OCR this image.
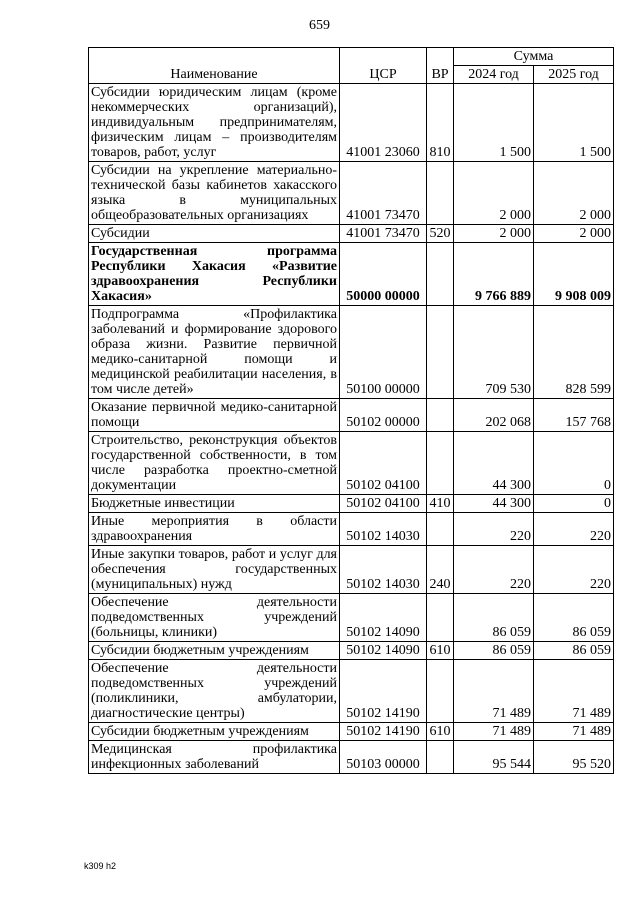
659
Наименование	ЦСР	ВР	Сумма	
			2024 год	2025 год
Субсидии юридическим лицам (кроме некоммерческих организаций), индивидуальным предпринимателям, физическим лицам – производителям товаров, работ, услуг	41001 23060	810	1 500	1 500
Субсидии на укрепление материально-технической базы кабинетов хакасского языка в муниципальных общеобразовательных организациях	41001 73470		2 000	2 000
Субсидии	41001 73470	520	2 000	2 000
Государственная программа Республики Хакасия «Развитие здравоохранения Республики Хакасия»	50000 00000		9 766 889	9 908 009
Подпрограмма «Профилактика заболеваний и формирование здорового образа жизни. Развитие первичной медико-санитарной помощи и медицинской реабилитации населения, в том числе детей»	50100 00000		709 530	828 599
Оказание первичной медико-санитарной помощи	50102 00000		202 068	157 768
Строительство, реконструкция объектов государственной собственности, в том числе разработка проектно-сметной документации	50102 04100		44 300	0
Бюджетные инвестиции	50102 04100	410	44 300	0
Иные мероприятия в области здравоохранения	50102 14030		220	220
Иные закупки товаров, работ и услуг для обеспечения государственных (муниципальных) нужд	50102 14030	240	220	220
Обеспечение деятельности подведомственных учреждений (больницы, клиники)	50102 14090		86 059	86 059
Субсидии бюджетным учреждениям	50102 14090	610	86 059	86 059
Обеспечение деятельности подведомственных учреждений (поликлиники, амбулатории, диагностические центры)	50102 14190		71 489	71 489
Субсидии бюджетным учреждениям	50102 14190	610	71 489	71 489
Медицинская профилактика инфекционных заболеваний	50103 00000		95 544	95 520
k309 h2
